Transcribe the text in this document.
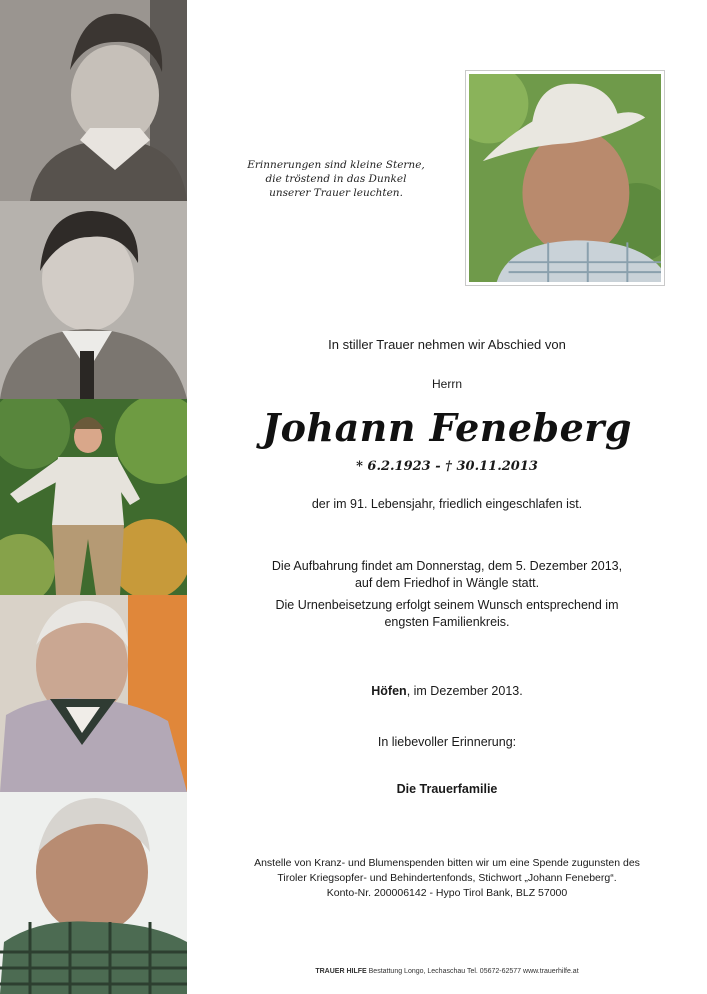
Erinnerungen sind kleine Sterne,
die tröstend in das Dunkel
unserer Trauer leuchten.
In stiller Trauer nehmen wir Abschied von
Herrn
Johann Feneberg
* 6.2.1923 - † 30.11.2013
der im 91. Lebensjahr, friedlich eingeschlafen ist.
Die Aufbahrung findet am Donnerstag, dem 5. Dezember 2013,
auf dem Friedhof in Wängle statt.
Die Urnenbeisetzung erfolgt seinem Wunsch entsprechend im
engsten Familienkreis.
Höfen, im Dezember 2013.
In liebevoller Erinnerung:
Die Trauerfamilie
Anstelle von Kranz- und Blumenspenden bitten wir um eine Spende zugunsten des
Tiroler Kriegsopfer- und Behindertenfonds, Stichwort „Johann Feneberg“.
Konto-Nr. 200006142 - Hypo Tirol Bank, BLZ 57000
TRAUER HILFE Bestattung Longo, Lechaschau Tel. 05672-62577 www.trauerhilfe.at
